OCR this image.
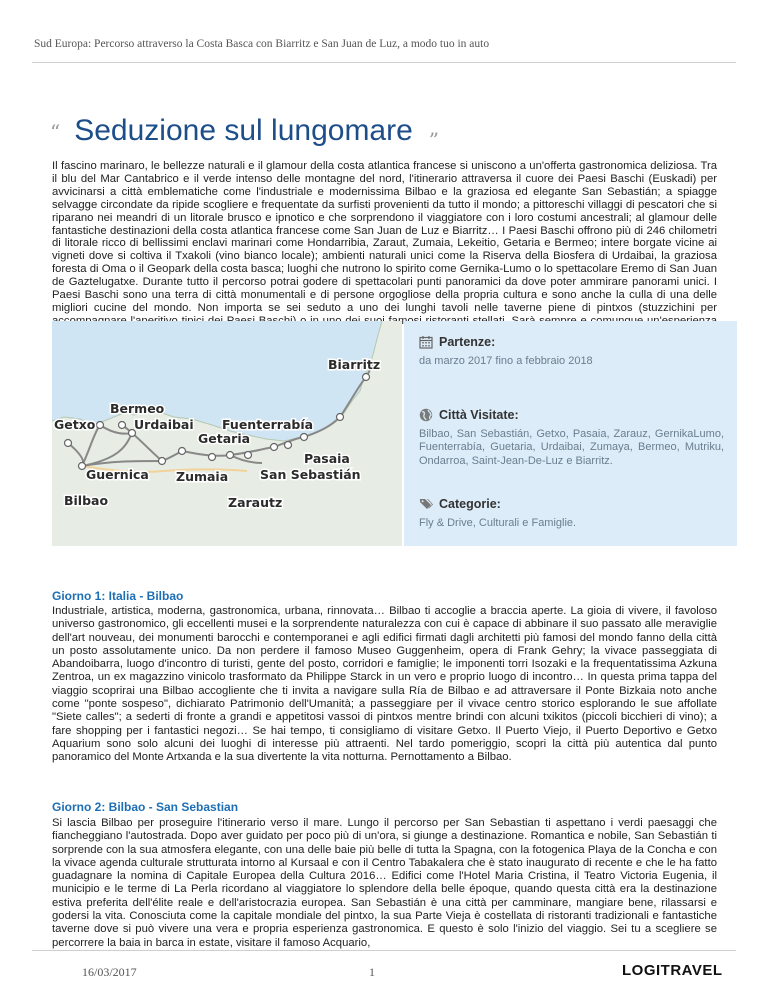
Sud Europa: Percorso attraverso la Costa Basca con Biarritz e San Juan de Luz, a modo tuo in auto
“ Seduzione sul lungomare ”
Il fascino marinaro, le bellezze naturali e il glamour della costa atlantica francese si uniscono a un'offerta gastronomica deliziosa. Tra il blu del Mar Cantabrico e il verde intenso delle montagne del nord, l'itinerario attraversa il cuore dei Paesi Baschi (Euskadi) per avvicinarsi a città emblematiche come l'industriale e modernissima Bilbao e la graziosa ed elegante San Sebastián; a spiagge selvagge circondate da ripide scogliere e frequentate da surfisti provenienti da tutto il mondo; a pittoreschi villaggi di pescatori che si riparano nei meandri di un litorale brusco e ipnotico e che sorprendono il viaggiatore con i loro costumi ancestrali; al glamour delle fantastiche destinazioni della costa atlantica francese come San Juan de Luz e Biarritz… I Paesi Baschi offrono più di 246 chilometri di litorale ricco di bellissimi enclavi marinari come Hondarribia, Zaraut, Zumaia, Lekeitio, Getaria e Bermeo; intere borgate vicine ai vigneti dove si coltiva il Txakoli (vino bianco locale); ambienti naturali unici come la Riserva della Biosfera di Urdaibai, la graziosa foresta di Oma o il Geopark della costa basca; luoghi che nutrono lo spirito come Gernika-Lumo o lo spettacolare Eremo di San Juan de Gaztelugatxe. Durante tutto il percorso potrai godere di spettacolari punti panoramici da dove poter ammirare panorami unici. I Paesi Baschi sono una terra di città monumentali e di persone orgogliose della propria cultura e sono anche la culla di una delle migliori cucine del mondo. Non importa se sei seduto a uno dei lunghi tavoli nelle taverne piene di pintxos (stuzzichini per
Biarritz
Bermeo
Getxo	Urdaibai Fuenterrabía
Getaria
Pasaia
Guernica Zumaia	San Sebastián
Bilbao	Zarautz
Partenze:
da marzo 2017 fino a febbraio 2018
Città Visitate:
Bilbao, San Sebastián, Getxo, Pasaia, Zarauz, GernikaLumo, Fuenterrabía, Guetaria, Urdaibai, Zumaya, Bermeo, Mutriku, Ondarroa, Saint-Jean-De-Luz e Biarritz.
Categorie:
Fly & Drive, Culturali e Famiglie.
Giorno 1: Italia - Bilbao
Industriale, artistica, moderna, gastronomica, urbana, rinnovata… Bilbao ti accoglie a braccia aperte. La gioia di vivere, il favoloso universo gastronomico, gli eccellenti musei e la sorprendente naturalezza con cui è capace di abbinare il suo passato alle meraviglie dell'art nouveau, dei monumenti barocchi e contemporanei e agli edifici firmati dagli architetti più famosi del mondo fanno della città un posto assolutamente unico. Da non perdere il famoso Museo Guggenheim, opera di Frank Gehry; la vivace passeggiata di Abandoibarra, luogo d'incontro di turisti, gente del posto, corridori e famiglie; le imponenti torri Isozaki e la frequentatissima Azkuna Zentroa, un ex magazzino vinicolo trasformato da Philippe Starck in un vero e proprio luogo di incontro… In questa prima tappa del viaggio scoprirai una Bilbao accogliente che ti invita a navigare sulla Ría de Bilbao e ad attraversare il Ponte Bizkaia noto anche come "ponte sospeso", dichiarato Patrimonio dell'Umanità; a passeggiare per il vivace centro storico esplorando le sue affollate "Siete calles"; a sederti di fronte a grandi e appetitosi vassoi di pintxos mentre brindi con alcuni txikitos (piccoli bicchieri di vino); a fare shopping per i fantastici negozi… Se hai tempo, ti consigliamo di visitare Getxo. Il Puerto Viejo, il Puerto Deportivo e Getxo Aquarium sono solo alcuni dei luoghi di interesse più attraenti. Nel tardo pomeriggio, scopri la città più autentica dal punto panoramico del Monte Artxanda e la sua divertente la vita notturna. Pernottamento a Bilbao.
Giorno 2: Bilbao - San Sebastian
Si lascia Bilbao per proseguire l'itinerario verso il mare. Lungo il percorso per San Sebastian ti aspettano i verdi paesaggi che fiancheggiano l'autostrada. Dopo aver guidato per poco più di un'ora, si giunge a destinazione. Romantica e nobile, San Sebastián ti sorprende con la sua atmosfera elegante, con una delle baie più belle di tutta la Spagna, con la fotogenica Playa de la Concha e con la vivace agenda culturale strutturata intorno al Kursaal e con il Centro Tabakalera che è stato inaugurato di recente e che le ha fatto guadagnare la nomina di Capitale Europea della Cultura 2016… Edifici come l'Hotel Maria Cristina, il Teatro Victoria Eugenia, il municipio e le terme di La Perla ricordano al viaggiatore lo splendore della belle époque, quando questa città era la destinazione estiva preferita dell'élite reale e dell'aristocrazia europea. San Sebastián è una città per camminare, mangiare bene, rilassarsi e godersi la vita. Conosciuta come la capitale mondiale del pintxo, la sua Parte Vieja è costellata di ristoranti tradizionali e fantastiche taverne dove si può vivere una vera e propria esperienza gastronomica. E questo è solo l'inizio del viaggio. Sei tu a scegliere se percorrere la baia in barca in estate, visitare il famoso Acquario,
16/03/2017	1	LOGITRAVEL
